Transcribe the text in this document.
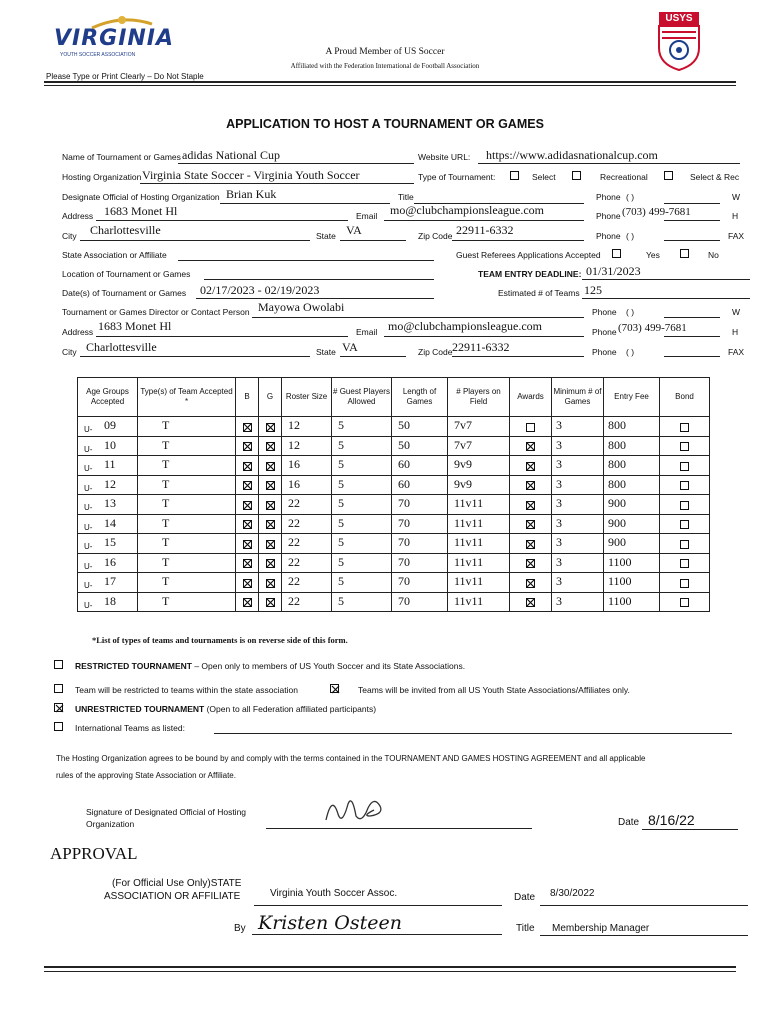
VIRGINIA
YOUTH SOCCER ASSOCIATION	A Proud Member of US Soccer
Affiliated with the Federation International de Football Association
Please Type or Print Clearly – Do Not Staple
USYS
APPLICATION TO HOST A TOURNAMENT OR GAMES
Name of Tournament or Games adidas National Cup	Website URL: https://www.adidasnationalcup.com
Hosting Organization Virginia State Soccer - Virginia Youth Soccer	Type of Tournament:	Select	Recreational	Select & Rec
Designate Official of Hosting Organization Brian Kuk	Title	Phone ( )	W
Address 1683 Monet Hl	Email mo@clubchampionsleague.com	Phone (703) 499-7681	H
City Charlottesville	State VA	Zip Code 22911-6332	Phone ( )	FAX
State Association or Affiliate	Guest Referees Applications Accepted	Yes	No
Location of Tournament or Games	TEAM ENTRY DEADLINE: 01/31/2023
Date(s) of Tournament or Games 02/17/2023 - 02/19/2023	Estimated # of Teams 125
Tournament or Games Director or Contact Person Mayowa Owolabi	Phone ( )	W
Address 1683 Monet Hl	Email mo@clubchampionsleague.com	Phone (703) 499-7681	H
City Charlottesville	State VA	Zip Code 22911-6332	Phone ( )	FAX
Age Groups Accepted	Type(s) of Team Accepted *	B	G	Roster Size	# Guest Players Allowed	Length of Games	# Players on Field	Awards	Minimum # of Games	Entry Fee	Bond

U- 09	T			12	5	50	7v7		3	800	

U- 10	T			12	5	50	7v7		3	800	

U- 11	T			16	5	60	9v9		3	800	

U- 12	T			16	5	60	9v9		3	800	

U- 13	T			22	5	70	11v11		3	900	

U- 14	T			22	5	70	11v11		3	900	

U- 15	T			22	5	70	11v11		3	900	

U- 16	T			22	5	70	11v11		3	1100	

U- 17	T			22	5	70	11v11		3	1100	

U- 18	T			22	5	70	11v11		3	1100	

*List of types of teams and tournaments is on reverse side of this form.
RESTRICTED TOURNAMENT – Open only to members of US Youth Soccer and its State Associations.
Team will be restricted to teams within the state association	Teams will be invited from all US Youth State Associations/Affiliates only.
UNRESTRICTED TOURNAMENT (Open to all Federation affiliated participants)
International Teams as listed:
The Hosting Organization agrees to be bound by and comply with the terms contained in the TOURNAMENT AND GAMES HOSTING AGREEMENT and all applicable
rules of the approving State Association or Affiliate.
Signature of Designated Official of Hosting
Organization	Date 8/16/22
APPROVAL
(For Official Use Only)STATE
ASSOCIATION OR AFFILIATE	Virginia Youth Soccer Assoc.	Date 8/30/2022
By Kristen Osteen	Title Membership Manager
